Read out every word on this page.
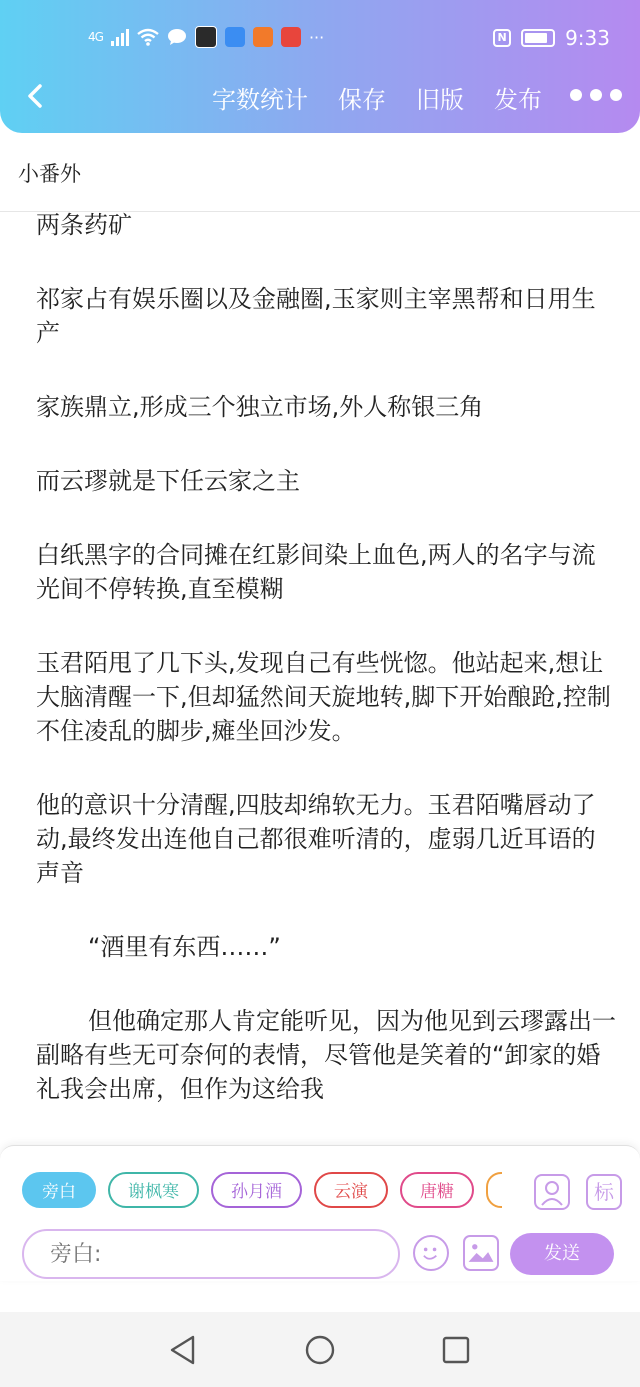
4G	···	N	9:33
字数统计 保存 旧版 发布
小番外

两条药矿

祁家占有娱乐圈以及金融圈,玉家则主宰黑帮和日用生产

家族鼎立,形成三个独立市场,外人称银三角

而云璆就是下任云家之主

白纸黑字的合同摊在红影间染上血色,两人的名字与流光间不停转换,直至模糊

玉君陌甩了几下头,发现自己有些恍惚。他站起来,想让大脑清醒一下,但却猛然间天旋地转,脚下开始酿跄,控制不住凌乱的脚步,瘫坐回沙发。

他的意识十分清醒,四肢却绵软无力。玉君陌嘴唇动了动,最终发出连他自己都很难听清的，虚弱几近耳语的声音

“酒里有东西……”

但他确定那人肯定能听见，因为他见到云璆露出一副略有些无可奈何的表情，尽管他是笑着的“卸家的婚礼我会出席，但作为这给我

旁白	谢枫寒	孙月酒	云演	唐糖	标
旁白:
发送
